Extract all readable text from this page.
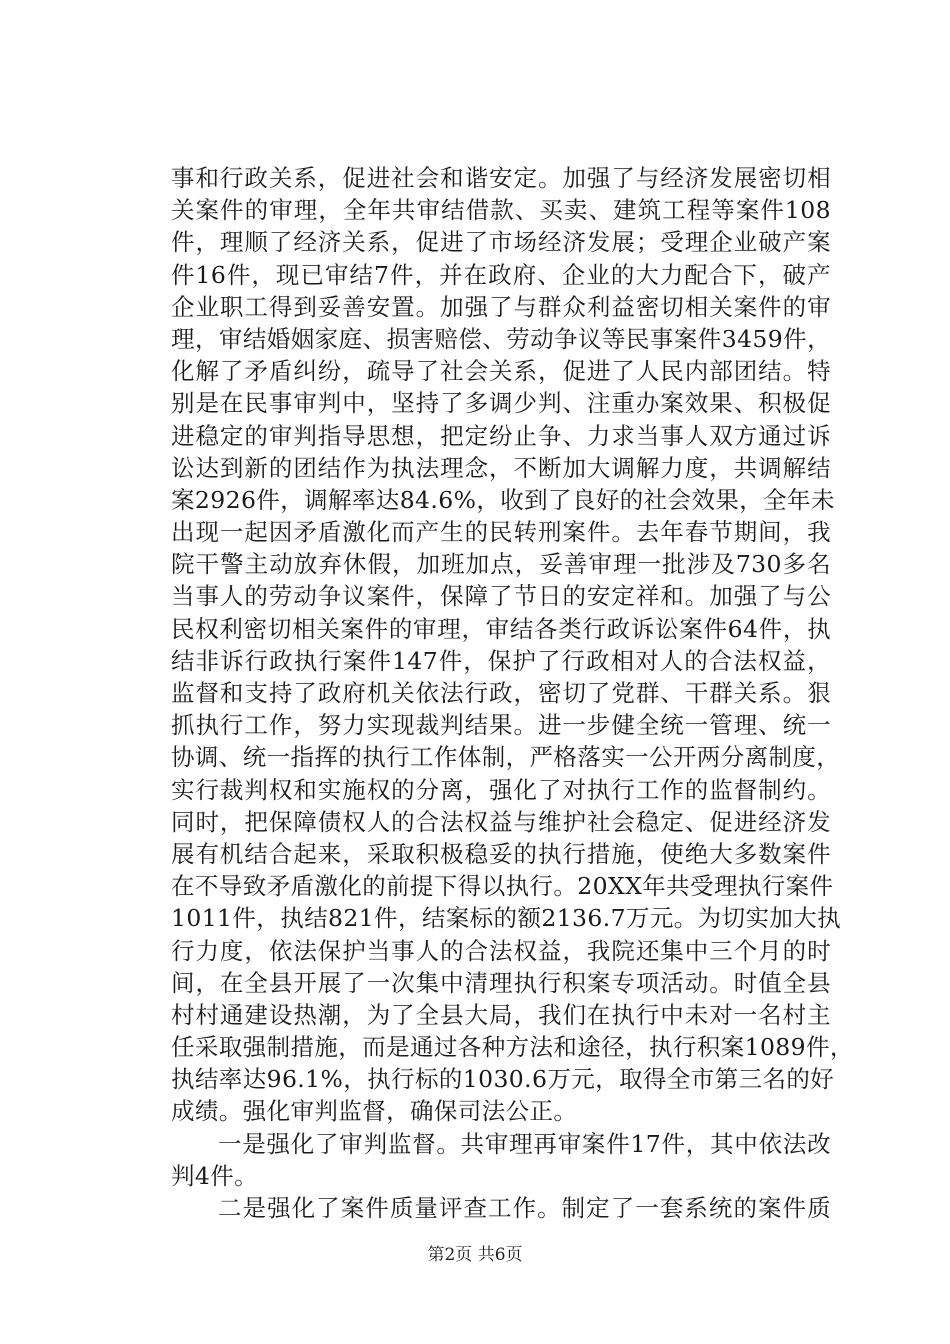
事和行政关系，促进社会和谐安定。加强了与经济发展密切相
关案件的审理，全年共审结借款、买卖、建筑工程等案件108
件，理顺了经济关系，促进了市场经济发展；受理企业破产案
件16件，现已审结7件，并在政府、企业的大力配合下，破产
企业职工得到妥善安置。加强了与群众利益密切相关案件的审
理，审结婚姻家庭、损害赔偿、劳动争议等民事案件3459件，
化解了矛盾纠纷，疏导了社会关系，促进了人民内部团结。特
别是在民事审判中，坚持了多调少判、注重办案效果、积极促
进稳定的审判指导思想，把定纷止争、力求当事人双方通过诉
讼达到新的团结作为执法理念，不断加大调解力度，共调解结
案2926件，调解率达84.6%，收到了良好的社会效果，全年未
出现一起因矛盾激化而产生的民转刑案件。去年春节期间，我
院干警主动放弃休假，加班加点，妥善审理一批涉及730多名
当事人的劳动争议案件，保障了节日的安定祥和。加强了与公
民权利密切相关案件的审理，审结各类行政诉讼案件64件，执
结非诉行政执行案件147件，保护了行政相对人的合法权益，
监督和支持了政府机关依法行政，密切了党群、干群关系。狠
抓执行工作，努力实现裁判结果。进一步健全统一管理、统一
协调、统一指挥的执行工作体制，严格落实一公开两分离制度，
实行裁判权和实施权的分离，强化了对执行工作的监督制约。
同时，把保障债权人的合法权益与维护社会稳定、促进经济发
展有机结合起来，采取积极稳妥的执行措施，使绝大多数案件
在不导致矛盾激化的前提下得以执行。20XX年共受理执行案件
1011件，执结821件，结案标的额2136.7万元。为切实加大执
行力度，依法保护当事人的合法权益，我院还集中三个月的时
间，在全县开展了一次集中清理执行积案专项活动。时值全县
村村通建设热潮，为了全县大局，我们在执行中未对一名村主
任采取强制措施，而是通过各种方法和途径，执行积案1089件，
执结率达96.1%，执行标的1030.6万元，取得全市第三名的好
成绩。强化审判监督，确保司法公正。
一是强化了审判监督。共审理再审案件17件，其中依法改
判4件。
二是强化了案件质量评查工作。制定了一套系统的案件质
第2页 共6页
